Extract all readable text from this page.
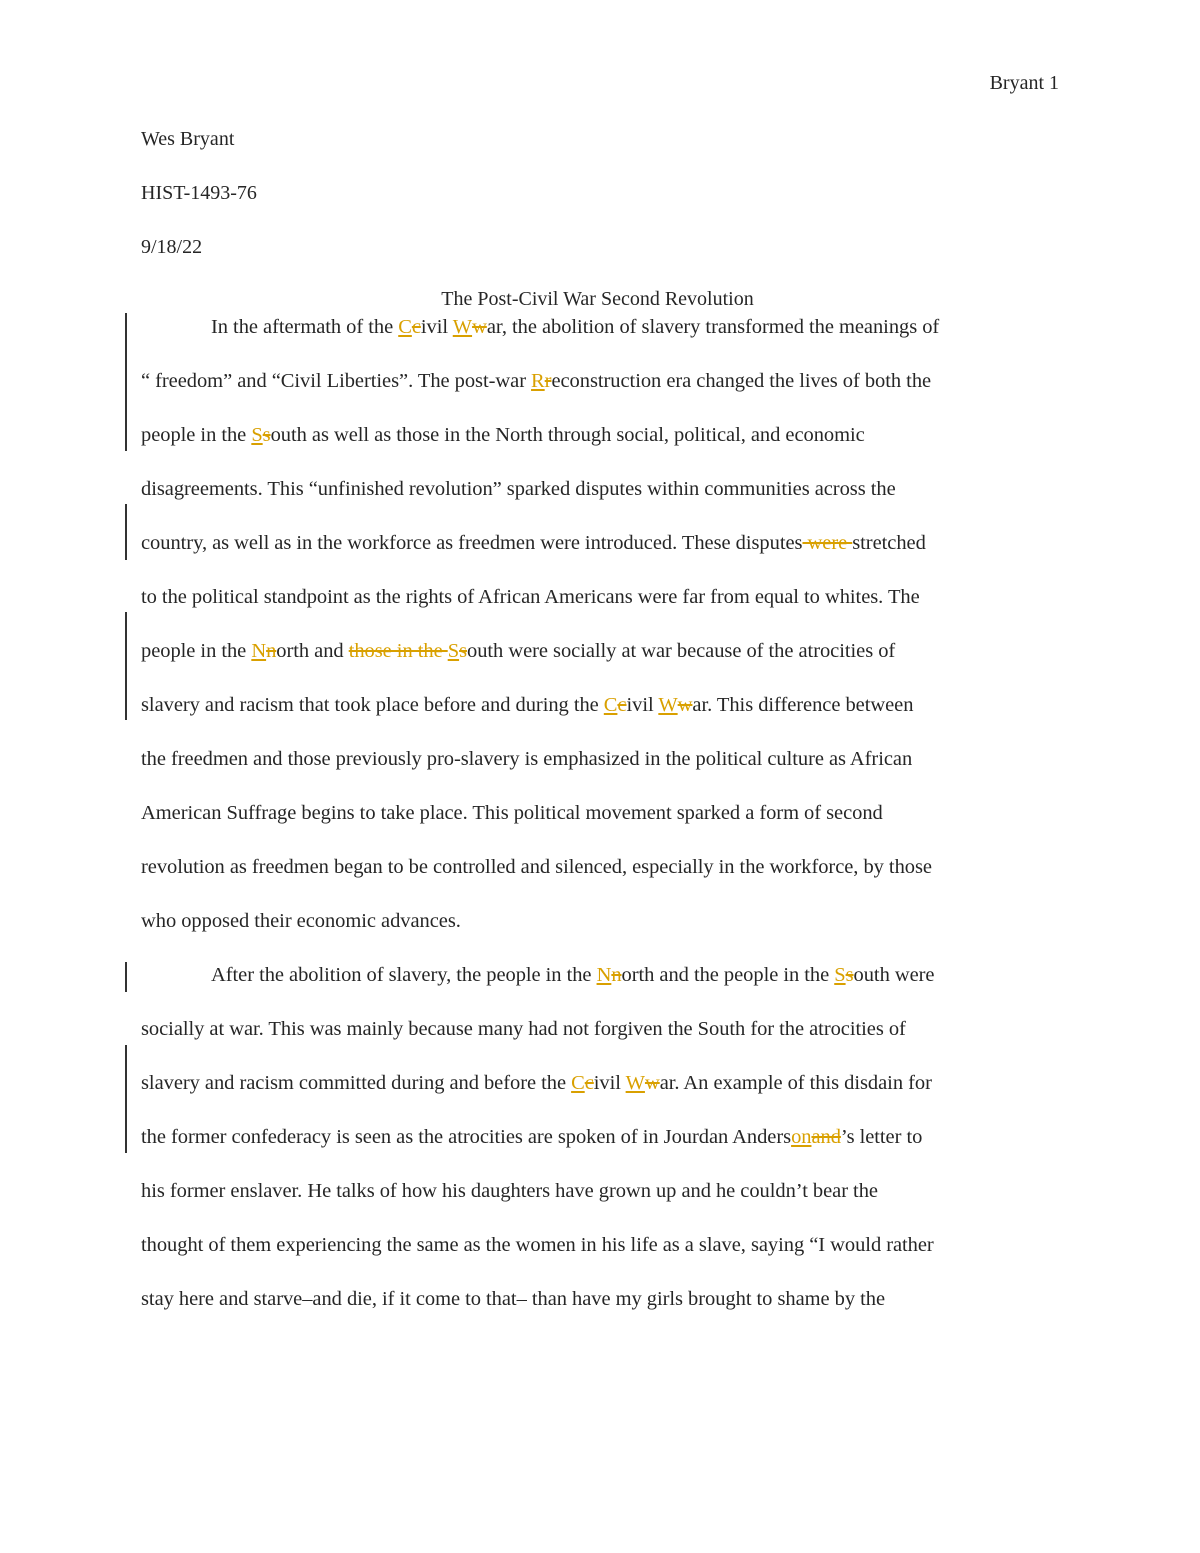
Bryant 1
Wes Bryant
HIST-1493-76
9/18/22
The Post-Civil War Second Revolution
In the aftermath of the Ccivil Wwar, the abolition of slavery transformed the meanings of
“ freedom” and “Civil Liberties”. The post-war Rreconstruction era changed the lives of both the
people in the Ssouth as well as those in the North through social, political, and economic
disagreements. This “unfinished revolution” sparked disputes within communities across the
country, as well as in the workforce as freedmen were introduced. These disputes were stretched
to the political standpoint as the rights of African Americans were far from equal to whites. The
people in the Nnorth and those in the Ssouth were socially at war because of the atrocities of
slavery and racism that took place before and during the Ccivil Wwar. This difference between
the freedmen and those previously pro-slavery is emphasized in the political culture as African
American Suffrage begins to take place. This political movement sparked a form of second
revolution as freedmen began to be controlled and silenced, especially in the workforce, by those
who opposed their economic advances.
After the abolition of slavery, the people in the Nnorth and the people in the Ssouth were
socially at war. This was mainly because many had not forgiven the South for the atrocities of
slavery and racism committed during and before the Ccivil Wwar. An example of this disdain for
the former confederacy is seen as the atrocities are spoken of in Jourdan Andersonand’s letter to
his former enslaver. He talks of how his daughters have grown up and he couldn’t bear the
thought of them experiencing the same as the women in his life as a slave, saying “I would rather
stay here and starve–and die, if it come to that– than have my girls brought to shame by the
